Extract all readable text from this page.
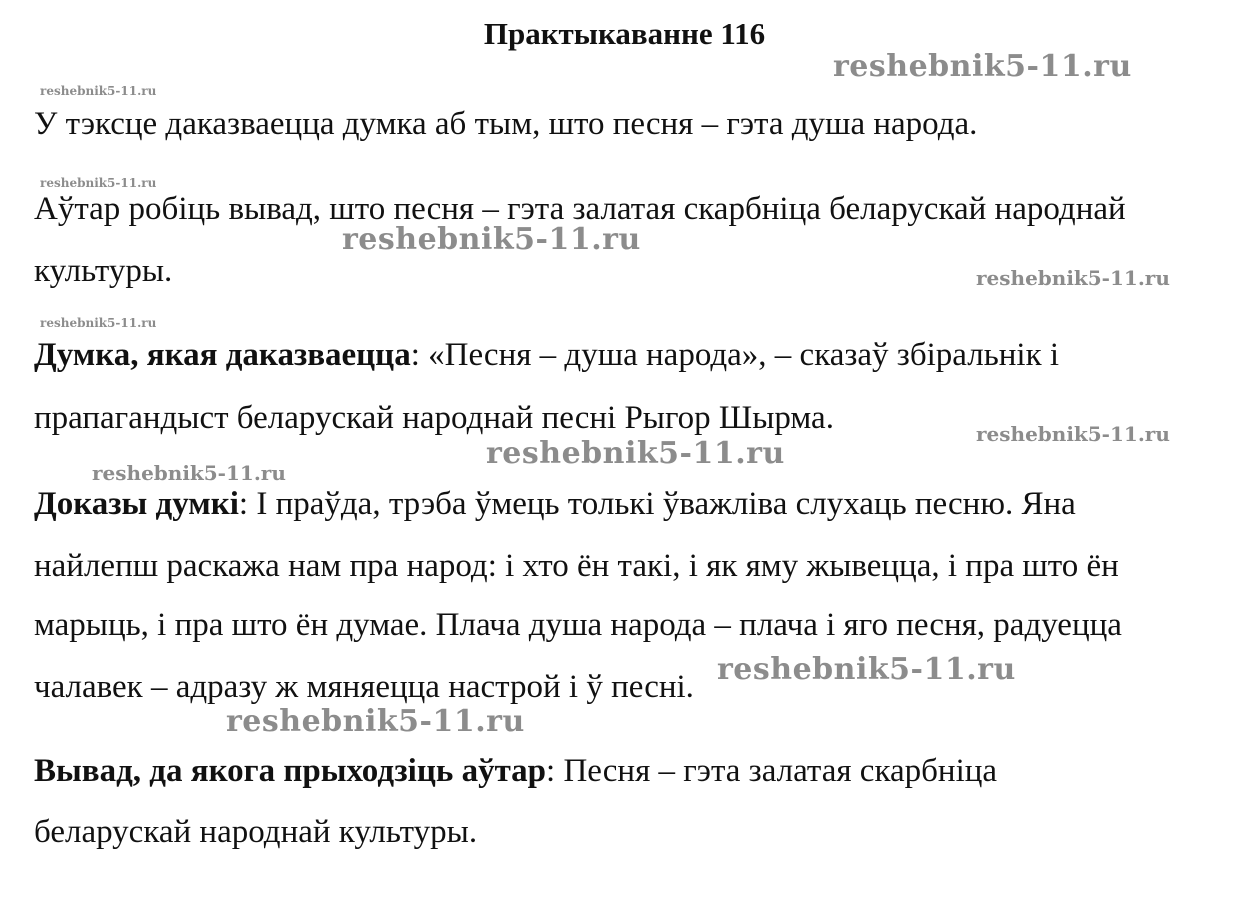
Практыкаванне 116
У тэксце даказваецца думка аб тым, што песня – гэта душа народа.
Аўтар робіць вывад, што песня – гэта залатая скарбніца беларускай народнай
культуры.
Думка, якая даказваецца: «Песня – душа народа», – сказаў збіральнік і
прапагандыст беларускай народнай песні Рыгор Шырма.
Доказы думкі: І праўда, трэба ўмець толькі ўважліва слухаць песню. Яна
найлепш раскажа нам пра народ: і хто ён такі, і як яму жывецца, і пра што ён
марыць, і пра што ён думае. Плача душа народа – плача і яго песня, радуецца
чалавек – адразу ж мяняецца настрой і ў песні.
Вывад, да якога прыходзіць аўтар: Песня – гэта залатая скарбніца
беларускай народнай культуры.
reshebnik5-11.ru
reshebnik5-11.ru
reshebnik5-11.ru
reshebnik5-11.ru
reshebnik5-11.ru
reshebnik5-11.ru
reshebnik5-11.ru
reshebnik5-11.ru
reshebnik5-11.ru
reshebnik5-11.ru
reshebnik5-11.ru
